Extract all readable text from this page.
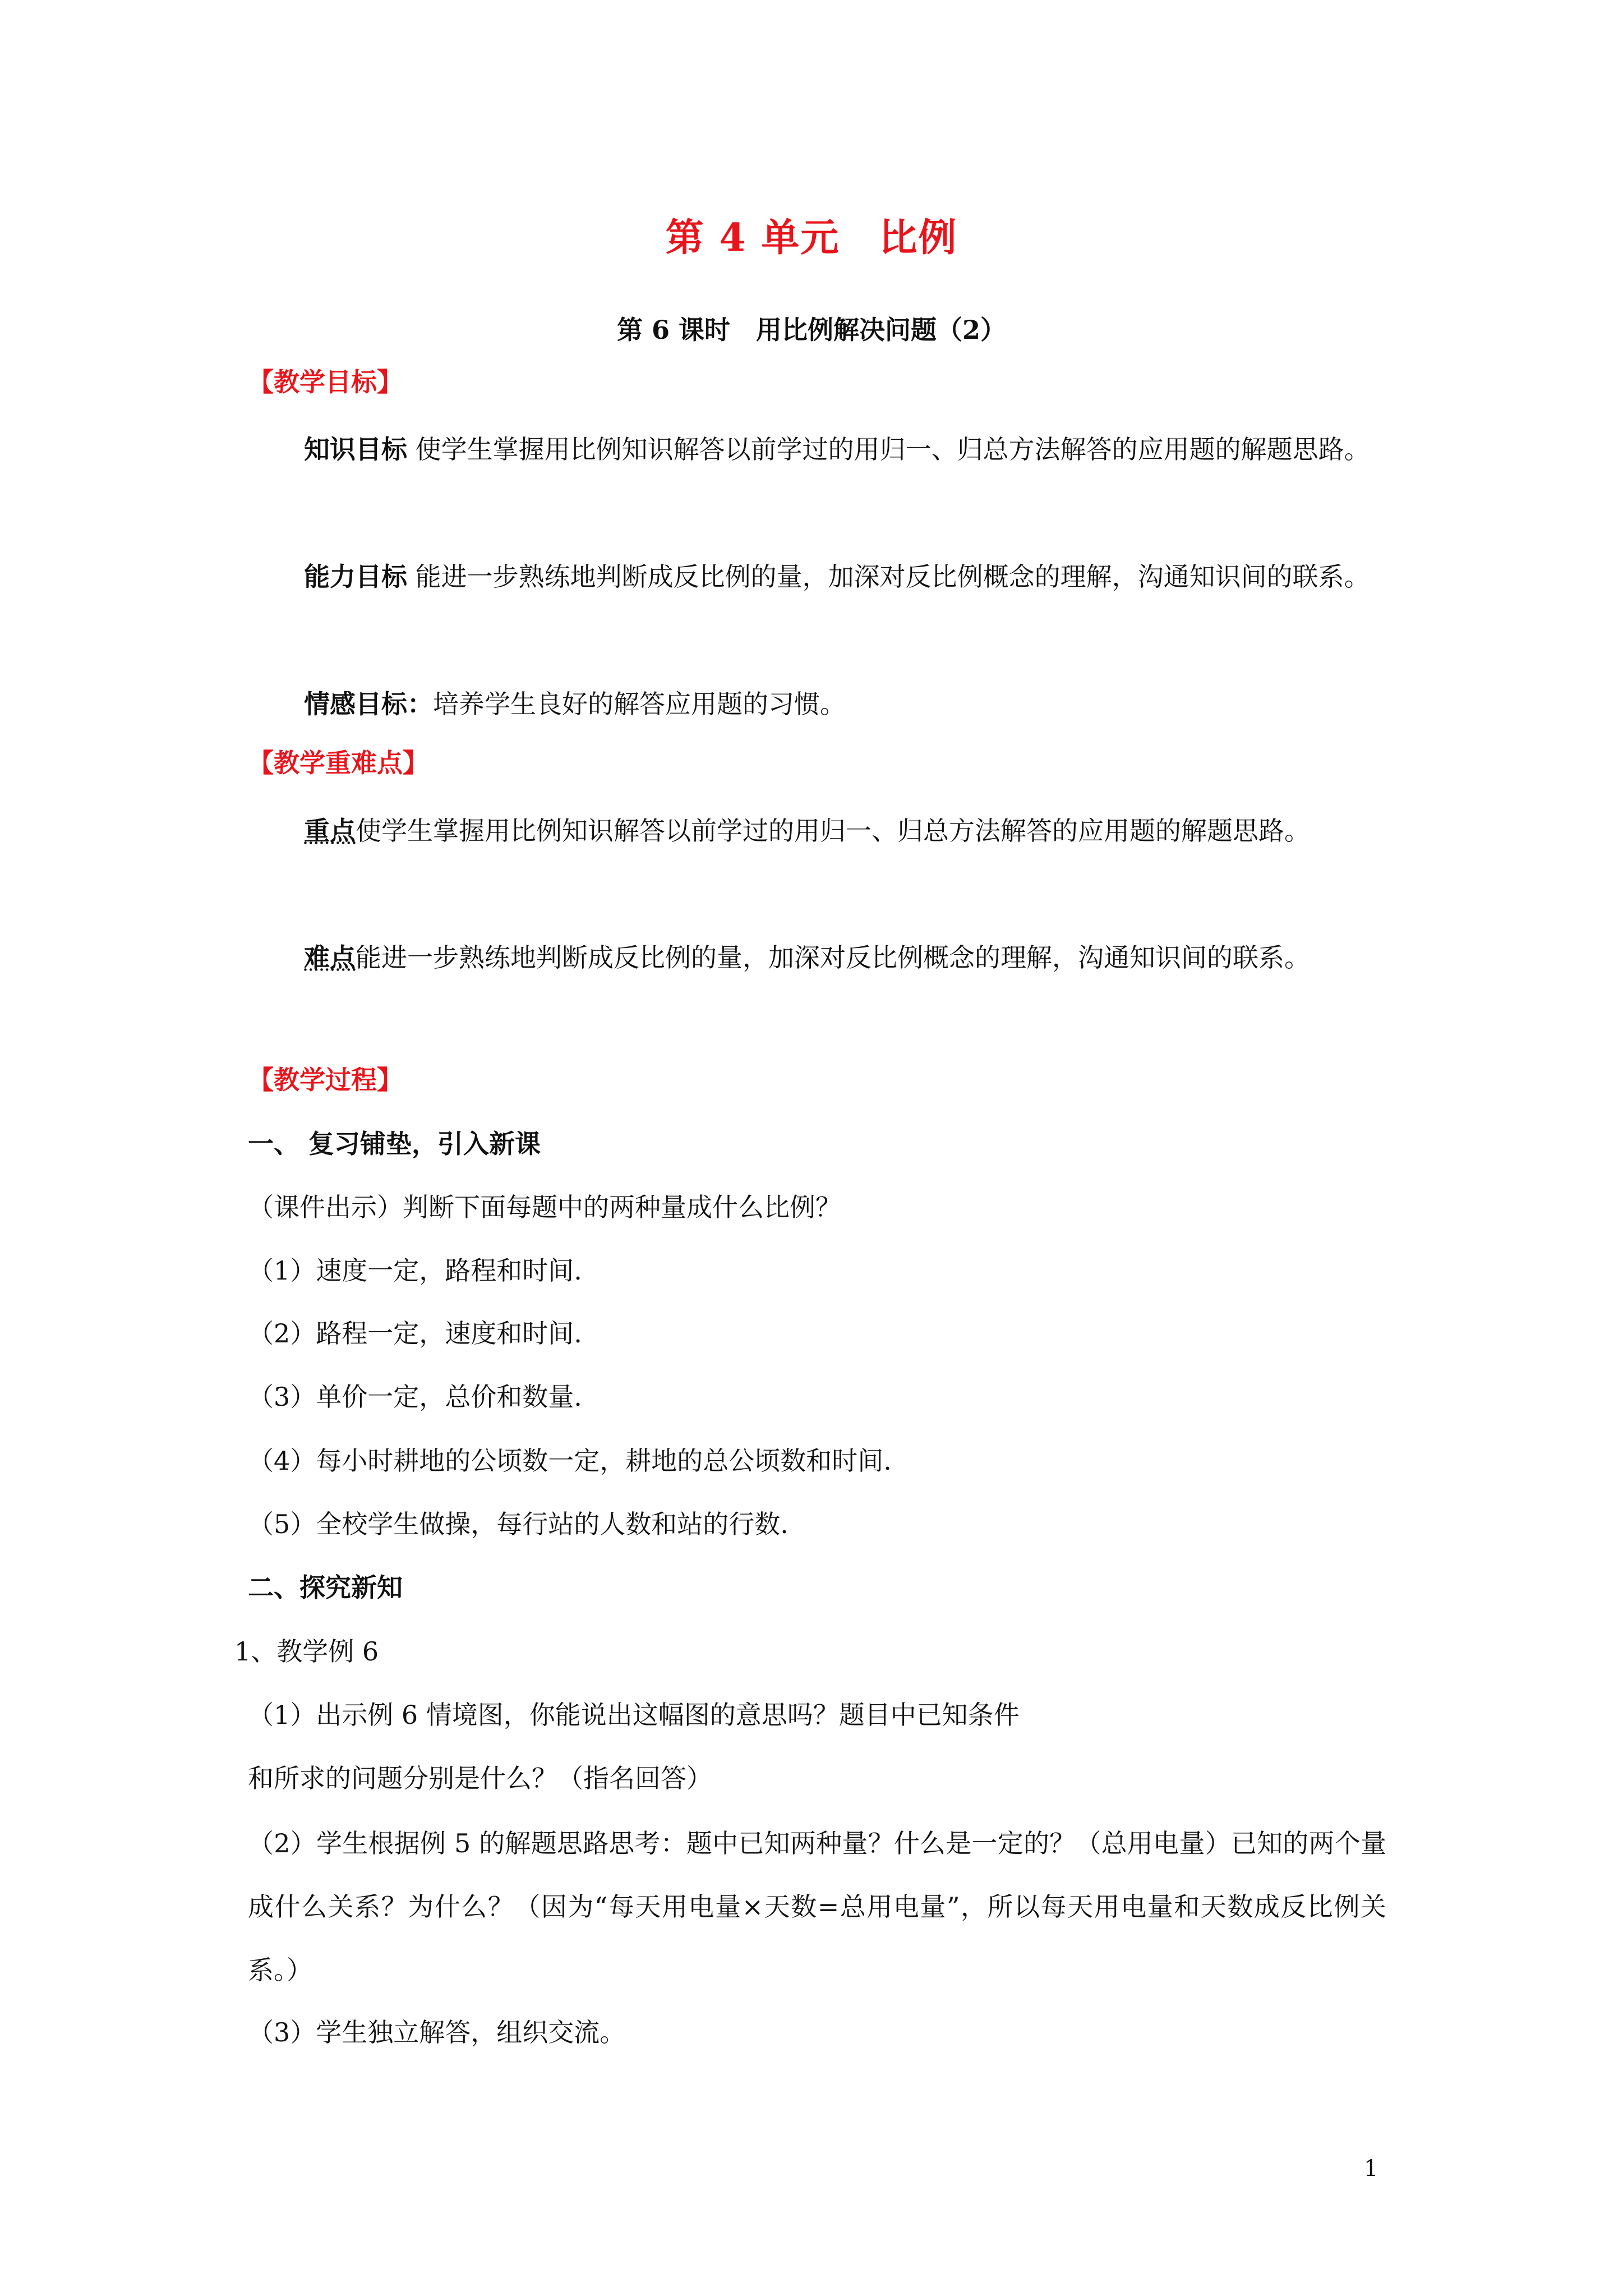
第 4 单元　比例
第 6 课时　用比例解决问题（2）
【教学目标】
知识目标 使学生掌握用比例知识解答以前学过的用归一、归总方法解答的应用题的解题思路。
能力目标 能进一步熟练地判断成反比例的量，加深对反比例概念的理解，沟通知识间的联系。
情感目标：培养学生良好的解答应用题的习惯。
【教学重难点】
重点使学生掌握用比例知识解答以前学过的用归一、归总方法解答的应用题的解题思路。
难点能进一步熟练地判断成反比例的量，加深对反比例概念的理解，沟通知识间的联系。
【教学过程】
一、 复习铺垫，引入新课
（课件出示）判断下面每题中的两种量成什么比例？
（1）速度一定，路程和时间.
（2）路程一定，速度和时间.
（3）单价一定，总价和数量.
（4）每小时耕地的公顷数一定，耕地的总公顷数和时间.
（5）全校学生做操，每行站的人数和站的行数.
二、探究新知
1、教学例 6
（1）出示例 6 情境图，你能说出这幅图的意思吗？题目中已知条件
和所求的问题分别是什么？（指名回答）
（2）学生根据例 5 的解题思路思考：题中已知两种量？什么是一定的？（总用电量）已知的两个量成什么关系？为什么？（因为“每天用电量×天数=总用电量”，所以每天用电量和天数成反比例关系。）
（3）学生独立解答，组织交流。
1
